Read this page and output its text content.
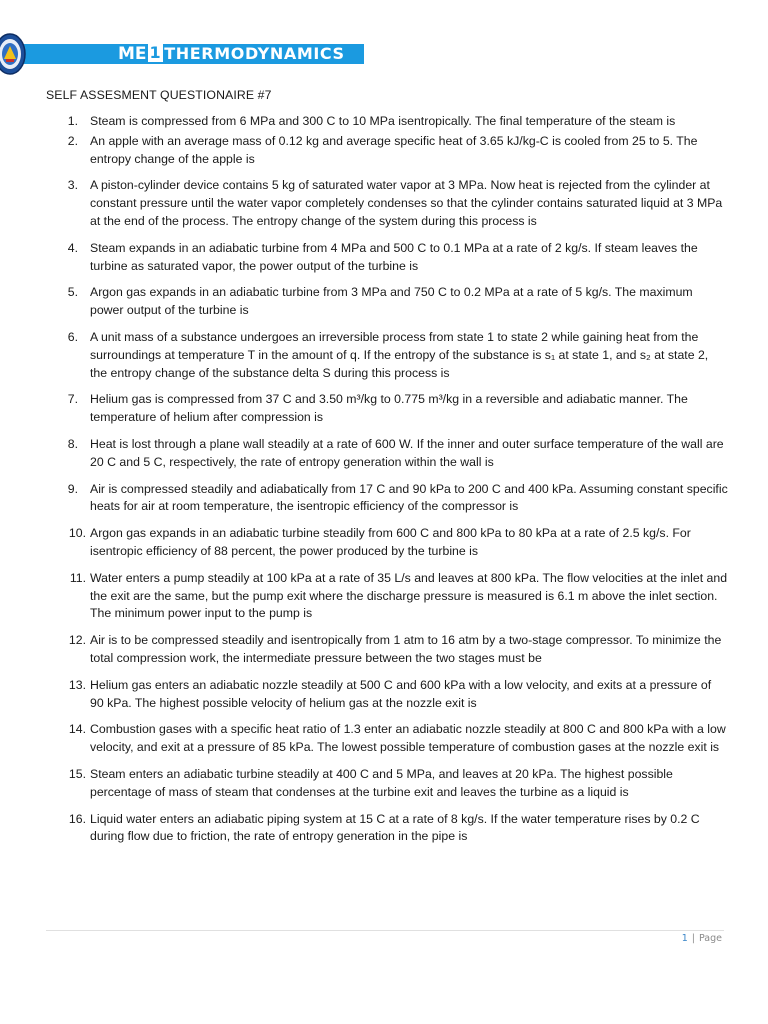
ME 1 THERMODYNAMICS
SELF ASSESMENT QUESTIONAIRE #7
1. Steam is compressed from 6 MPa and 300 C to 10 MPa isentropically. The final temperature of the steam is
2. An apple with an average mass of 0.12 kg and average specific heat of 3.65 kJ/kg-C is cooled from 25 to 5. The entropy change of the apple is
3. A piston-cylinder device contains 5 kg of saturated water vapor at 3 MPa. Now heat is rejected from the cylinder at constant pressure until the water vapor completely condenses so that the cylinder contains saturated liquid at 3 MPa at the end of the process. The entropy change of the system during this process is
4. Steam expands in an adiabatic turbine from 4 MPa and 500 C to 0.1 MPa at a rate of 2 kg/s. If steam leaves the turbine as saturated vapor, the power output of the turbine is
5. Argon gas expands in an adiabatic turbine from 3 MPa and 750 C to 0.2 MPa at a rate of 5 kg/s. The maximum power output of the turbine is
6. A unit mass of a substance undergoes an irreversible process from state 1 to state 2 while gaining heat from the surroundings at temperature T in the amount of q. If the entropy of the substance is s₁ at state 1, and s₂ at state 2, the entropy change of the substance delta S during this process is
7. Helium gas is compressed from 37 C and 3.50 m³/kg to 0.775 m³/kg in a reversible and adiabatic manner. The temperature of helium after compression is
8. Heat is lost through a plane wall steadily at a rate of 600 W. If the inner and outer surface temperature of the wall are 20 C and 5 C, respectively, the rate of entropy generation within the wall is
9. Air is compressed steadily and adiabatically from 17 C and 90 kPa to 200 C and 400 kPa. Assuming constant specific heats for air at room temperature, the isentropic efficiency of the compressor is
10. Argon gas expands in an adiabatic turbine steadily from 600 C and 800 kPa to 80 kPa at a rate of 2.5 kg/s. For isentropic efficiency of 88 percent, the power produced by the turbine is
11. Water enters a pump steadily at 100 kPa at a rate of 35 L/s and leaves at 800 kPa. The flow velocities at the inlet and the exit are the same, but the pump exit where the discharge pressure is measured is 6.1 m above the inlet section. The minimum power input to the pump is
12. Air is to be compressed steadily and isentropically from 1 atm to 16 atm by a two-stage compressor. To minimize the total compression work, the intermediate pressure between the two stages must be
13. Helium gas enters an adiabatic nozzle steadily at 500 C and 600 kPa with a low velocity, and exits at a pressure of 90 kPa. The highest possible velocity of helium gas at the nozzle exit is
14. Combustion gases with a specific heat ratio of 1.3 enter an adiabatic nozzle steadily at 800 C and 800 kPa with a low velocity, and exit at a pressure of 85 kPa. The lowest possible temperature of combustion gases at the nozzle exit is
15. Steam enters an adiabatic turbine steadily at 400 C and 5 MPa, and leaves at 20 kPa. The highest possible percentage of mass of steam that condenses at the turbine exit and leaves the turbine as a liquid is
16. Liquid water enters an adiabatic piping system at 15 C at a rate of 8 kg/s. If the water temperature rises by 0.2 C during flow due to friction, the rate of entropy generation in the pipe is
1 | Page
